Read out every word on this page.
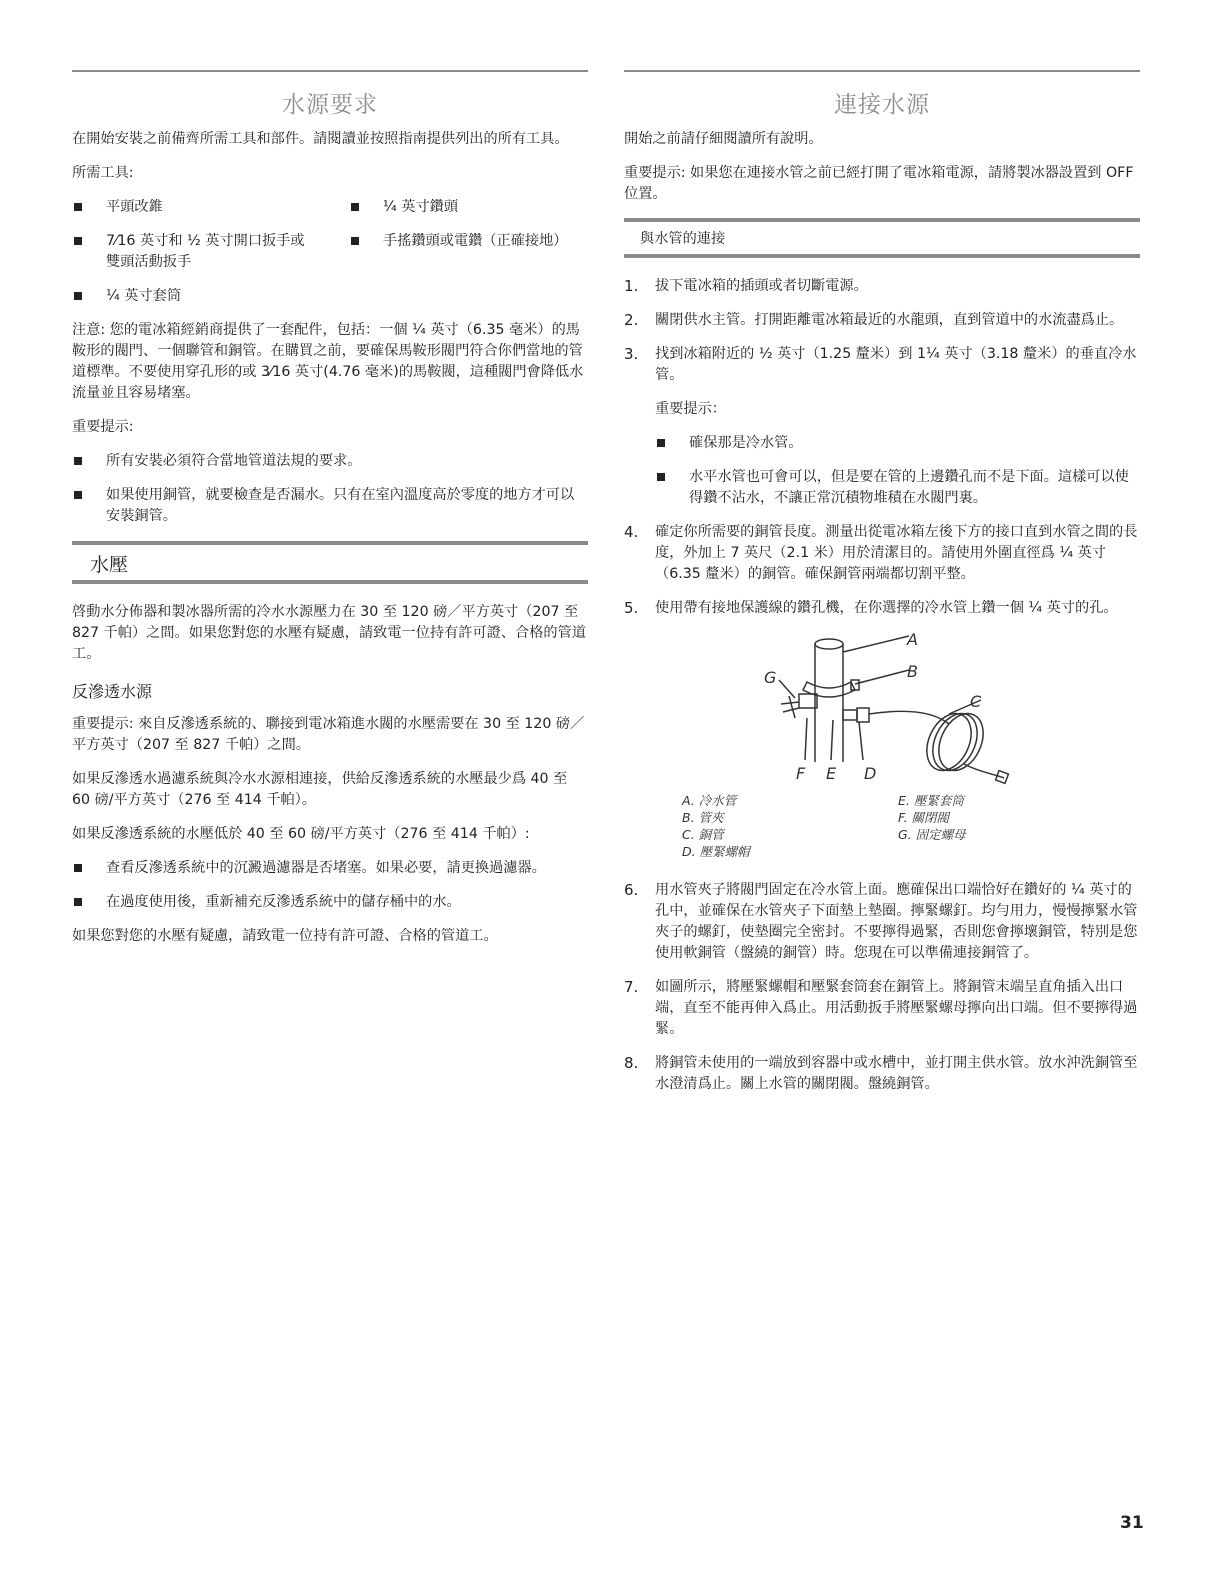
水源要求

在開始安裝之前備齊所需工具和部件。請閱讀並按照指南提供列出的所有工具。

所需工具:

平頭改錐
7⁄16 英寸和 ½ 英寸開口扳手或雙頭活動扳手
¼ 英寸套筒
¼ 英寸鑽頭
手搖鑽頭或電鑽（正確接地）

注意: 您的電冰箱經銷商提供了一套配件，包括：一個 ¼ 英寸（6.35 毫米）的馬鞍形的閥門、一個聯管和銅管。在購買之前，要確保馬鞍形閥門符合你們當地的管道標準。不要使用穿孔形的或 3⁄16 英寸(4.76 毫米)的馬鞍閥，這種閥門會降低水流量並且容易堵塞。

重要提示:

所有安裝必須符合當地管道法規的要求。
如果使用銅管，就要檢查是否漏水。只有在室內溫度高於零度的地方才可以安裝銅管。
水壓

啓動水分佈器和製冰器所需的冷水水源壓力在 30 至 120 磅／平方英寸（207 至 827 千帕）之間。如果您對您的水壓有疑慮，請致電一位持有許可證、合格的管道工。

反滲透水源

重要提示: 來自反滲透系統的、聯接到電冰箱進水閥的水壓需要在 30 至 120 磅／平方英寸（207 至 827 千帕）之間。

如果反滲透水過濾系統與冷水水源相連接，供給反滲透系統的水壓最少爲 40 至 60 磅/平方英寸（276 至 414 千帕）。

如果反滲透系統的水壓低於 40 至 60 磅/平方英寸（276 至 414 千帕）:

查看反滲透系統中的沉澱過濾器是否堵塞。如果必要，請更換過濾器。
在過度使用後，重新補充反滲透系統中的儲存桶中的水。

如果您對您的水壓有疑慮，請致電一位持有許可證、合格的管道工。

連接水源

開始之前請仔細閱讀所有說明。

重要提示: 如果您在連接水管之前已經打開了電冰箱電源，請將製冰器設置到 OFF 位置。

與水管的連接
1. 拔下電冰箱的插頭或者切斷電源。
2. 關閉供水主管。打開距離電冰箱最近的水龍頭，直到管道中的水流盡爲止。
3. 找到冰箱附近的 ½ 英寸（1.25 釐米）到 1¼ 英寸（3.18 釐米）的垂直冷水管。

重要提示：

確保那是冷水管。
水平水管也可會可以，但是要在管的上邊鑽孔而不是下面。這樣可以使得鑽不沾水，不讓正常沉積物堆積在水閥門裏。
4. 確定你所需要的銅管長度。測量出從電冰箱左後下方的接口直到水管之間的長度，外加上 7 英尺（2.1 米）用於清潔目的。請使用外圍直徑爲 ¼ 英寸（6.35 釐米）的銅管。確保銅管兩端都切割平整。
5. 使用帶有接地保護線的鑽孔機，在你選擇的冷水管上鑽一個 ¼ 英寸的孔。
A
B
C
G
F E D
A. 冷水管
B. 管夾
C. 銅管
D. 壓緊螺帽
E. 壓緊套筒
F. 關閉閥
G. 固定螺母
6. 用水管夾子將閥門固定在冷水管上面。應確保出口端恰好在鑽好的 ¼ 英寸的孔中，並確保在水管夾子下面墊上墊圈。擰緊螺釘。均勻用力，慢慢擰緊水管夾子的螺釘，使墊圈完全密封。不要擰得過緊，否則您會擰壞銅管，特別是您使用軟銅管（盤繞的銅管）時。您現在可以準備連接銅管了。
7. 如圖所示，將壓緊螺帽和壓緊套筒套在銅管上。將銅管末端呈直角插入出口端，直至不能再伸入爲止。用活動扳手將壓緊螺母擰向出口端。但不要擰得過緊。
8. 將銅管未使用的一端放到容器中或水槽中，並打開主供水管。放水沖洗銅管至水澄清爲止。關上水管的關閉閥。盤繞銅管。
31
